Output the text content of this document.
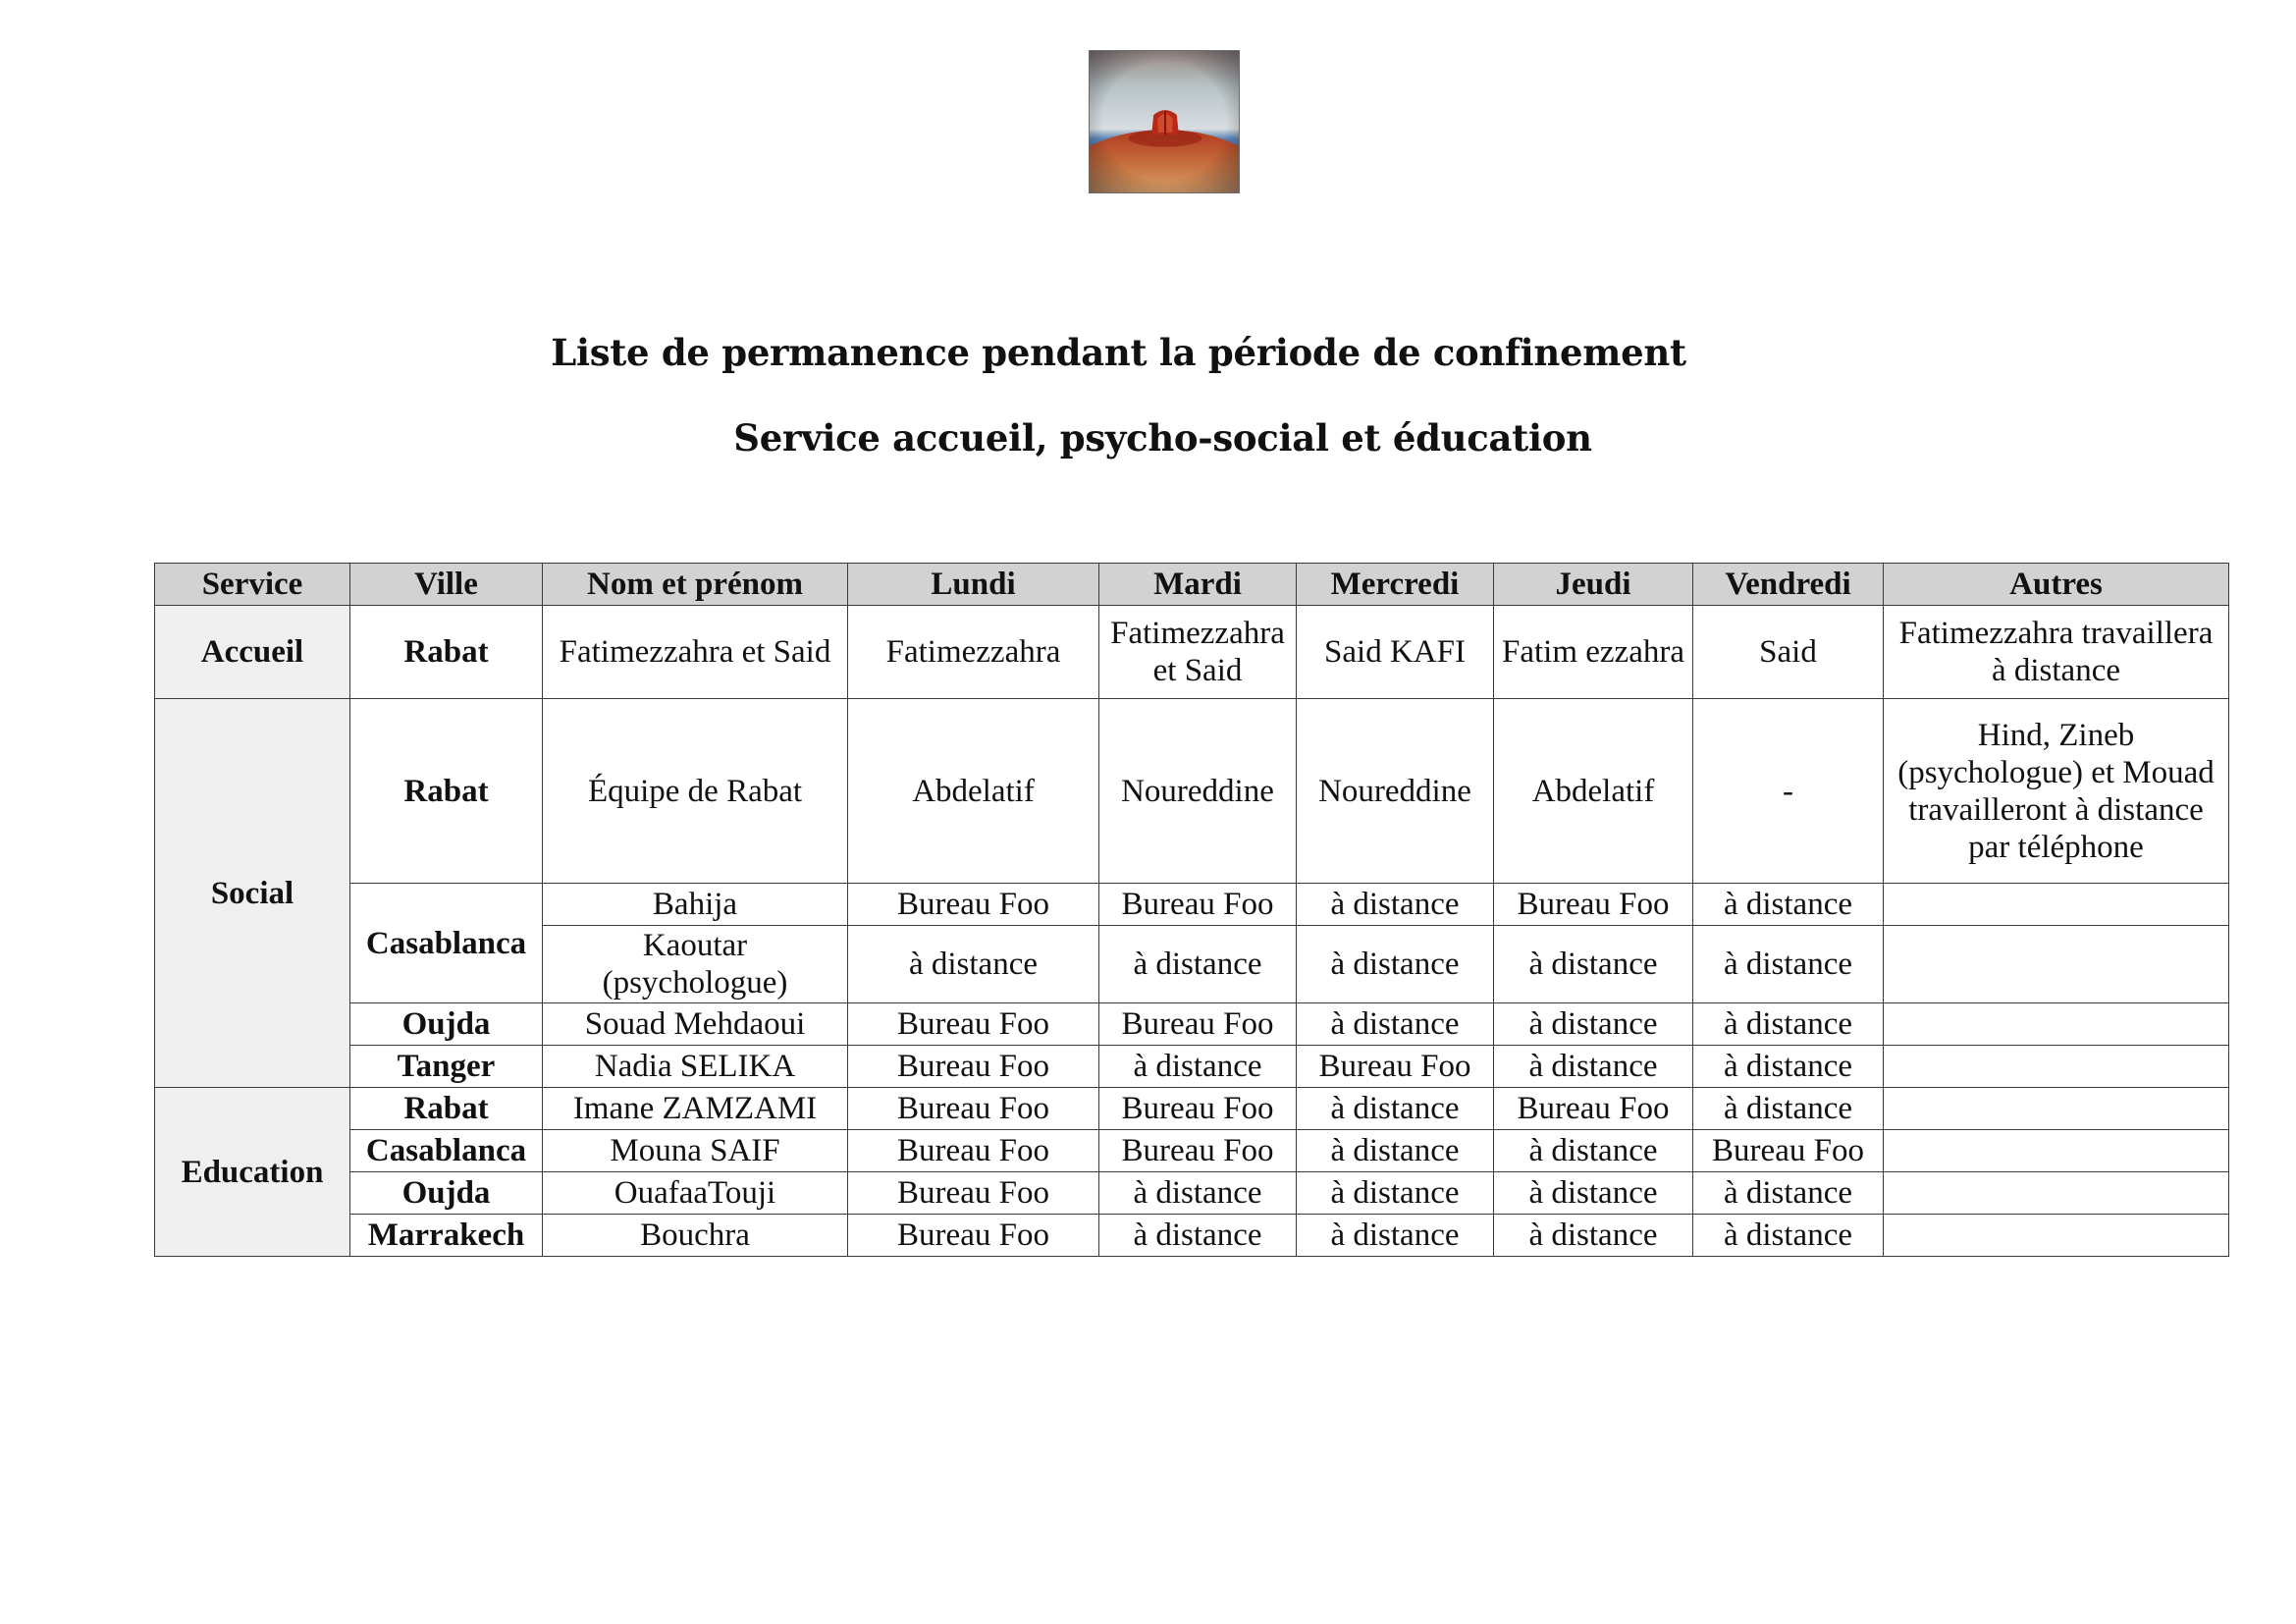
Liste de permanence pendant la période de confinement
Service accueil, psycho-social et éducation
Service	Ville	Nom et prénom	Lundi	Mardi	Mercredi	Jeudi	Vendredi	Autres
Accueil	Rabat	Fatimezzahra et Said	Fatimezzahra	Fatimezzahra et Said	Said KAFI	Fatim ezzahra	Said	Fatimezzahra travaillera à distance
Social	Rabat	Équipe de Rabat	Abdelatif	Noureddine	Noureddine	Abdelatif	-	Hind, Zineb (psychologue) et Mouad travailleront à distance par téléphone
	Casablanca	Bahija	Bureau Foo	Bureau Foo	à distance	Bureau Foo	à distance	
		Kaoutar (psychologue)	à distance	à distance	à distance	à distance	à distance	
	Oujda	Souad Mehdaoui	Bureau Foo	Bureau Foo	à distance	à distance	à distance	
	Tanger	Nadia SELIKA	Bureau Foo	à distance	Bureau Foo	à distance	à distance	
Education	Rabat	Imane ZAMZAMI	Bureau Foo	Bureau Foo	à distance	Bureau Foo	à distance	
	Casablanca	Mouna SAIF	Bureau Foo	Bureau Foo	à distance	à distance	Bureau Foo	
	Oujda	OuafaaTouji	Bureau Foo	à distance	à distance	à distance	à distance	
	Marrakech	Bouchra	Bureau Foo	à distance	à distance	à distance	à distance	
